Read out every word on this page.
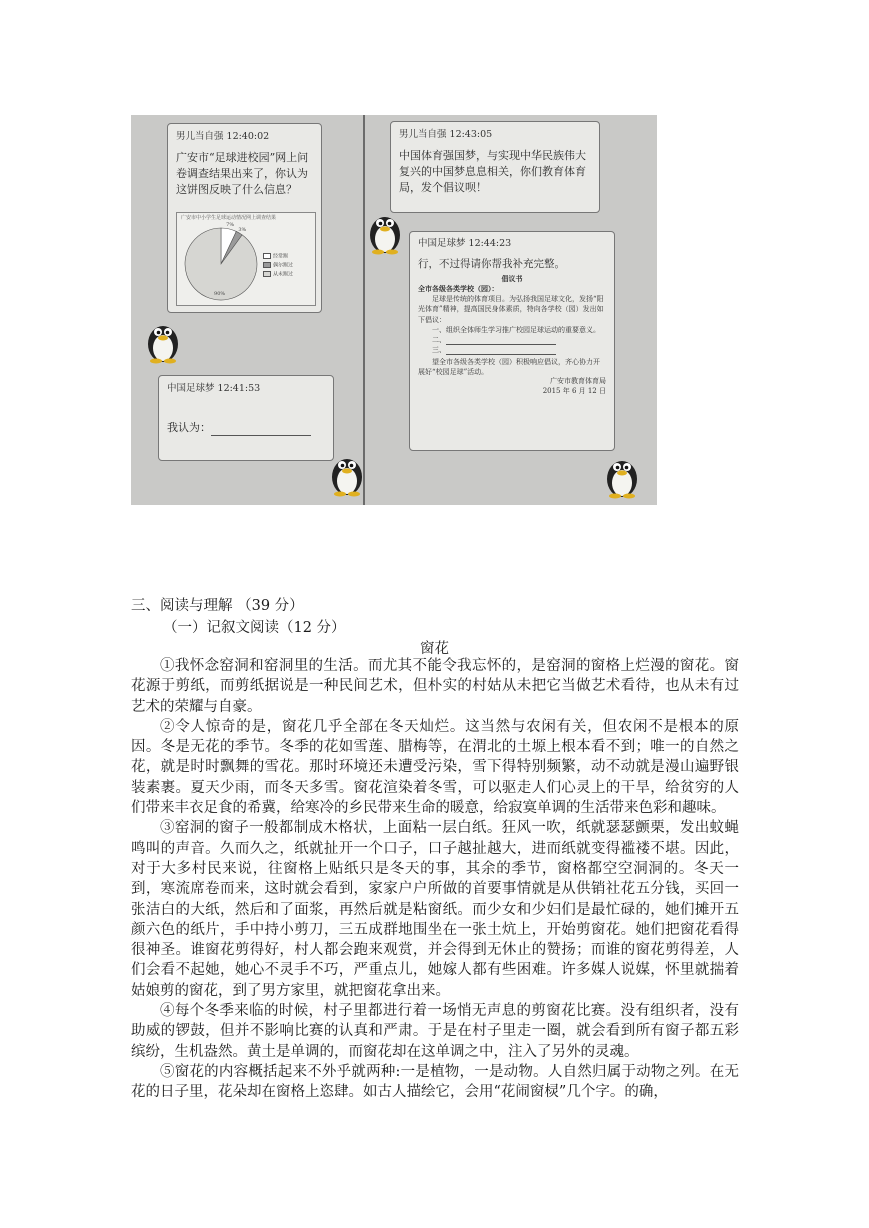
男儿当自强 12:40:02
广安市“足球进校园”网上问卷调查结果出来了，你认为这饼图反映了什么信息？
广安市中小学生足球运动情况网上调查结果
7%
3%
90%
经常踢
偶尔踢过
从未踢过
男儿当自强 12:43:05
中国体育强国梦，与实现中华民族伟大复兴的中国梦息息相关，你们教育体育局，发个倡议呗！
中国足球梦 12:44:23
行，不过得请你帮我补充完整。
倡议书
全市各级各类学校（园）：
足球是传统的体育项目。为弘扬我国足球文化，发扬“阳光体育”精神，提高国民身体素质，特向各学校（园）发出如下倡议：
一、组织全体师生学习推广校园足球运动的重要意义。
二、
三、
望全市各级各类学校（园）积极响应倡议，齐心协力开展好“校园足球”活动。
广安市教育体育局
2015 年 6 月 12 日
中国足球梦 12:41:53
我认为：
三、阅读与理解 （39 分）
（一）记叙文阅读（12 分）
窗花

①我怀念窑洞和窑洞里的生活。而尤其不能令我忘怀的，是窑洞的窗格上烂漫的窗花。窗花源于剪纸，而剪纸据说是一种民间艺术，但朴实的村姑从未把它当做艺术看待，也从未有过艺术的荣耀与自豪。

②令人惊奇的是，窗花几乎全部在冬天灿烂。这当然与农闲有关，但农闲不是根本的原因。冬是无花的季节。冬季的花如雪莲、腊梅等，在渭北的土塬上根本看不到；唯一的自然之花，就是时时飘舞的雪花。那时环境还未遭受污染，雪下得特别频繁，动不动就是漫山遍野银装素裹。夏天少雨，而冬天多雪。窗花渲染着冬雪，可以驱走人们心灵上的干旱，给贫穷的人们带来丰衣足食的希冀，给寒冷的乡民带来生命的暖意，给寂寞单调的生活带来色彩和趣味。

③窑洞的窗子一般都制成木格状，上面粘一层白纸。狂风一吹，纸就瑟瑟颤栗，发出蚊蝇鸣叫的声音。久而久之，纸就扯开一个口子，口子越扯越大，进而纸就变得褴褛不堪。因此，对于大多村民来说，往窗格上贴纸只是冬天的事，其余的季节，窗格都空空洞洞的。冬天一到，寒流席卷而来，这时就会看到，家家户户所做的首要事情就是从供销社花五分钱，买回一张洁白的大纸，然后和了面浆，再然后就是粘窗纸。而少女和少妇们是最忙碌的，她们摊开五颜六色的纸片，手中持小剪刀，三五成群地围坐在一张土炕上，开始剪窗花。她们把窗花看得很神圣。谁窗花剪得好，村人都会跑来观赏，并会得到无休止的赞扬；而谁的窗花剪得差，人们会看不起她，她心不灵手不巧，严重点儿，她嫁人都有些困难。许多媒人说媒，怀里就揣着姑娘剪的窗花，到了男方家里，就把窗花拿出来。

④每个冬季来临的时候，村子里都进行着一场悄无声息的剪窗花比赛。没有组织者，没有助威的锣鼓，但并不影响比赛的认真和严肃。于是在村子里走一圈，就会看到所有窗子都五彩缤纷，生机盎然。黄土是单调的，而窗花却在这单调之中，注入了另外的灵魂。

⑤窗花的内容概括起来不外乎就两种:一是植物，一是动物。人自然归属于动物之列。在无花的日子里，花朵却在窗格上恣肆。如古人描绘它，会用“花闹窗棂”几个字。的确，
